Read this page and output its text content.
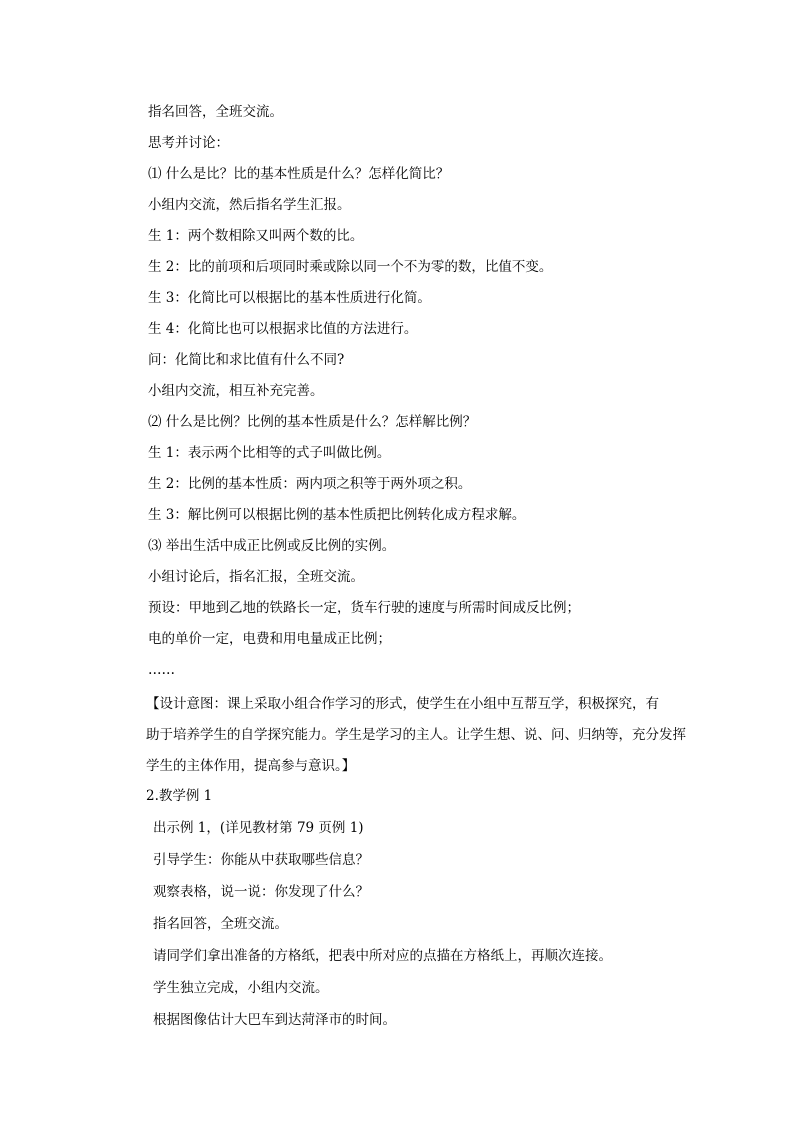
指名回答，全班交流。
思考并讨论：
⑴ 什么是比？比的基本性质是什么？怎样化简比？
小组内交流，然后指名学生汇报。
生 1：两个数相除又叫两个数的比。
生 2：比的前项和后项同时乘或除以同一个不为零的数，比值不变。
生 3：化简比可以根据比的基本性质进行化简。
生 4：化简比也可以根据求比值的方法进行。
问：化简比和求比值有什么不同?
小组内交流，相互补充完善。
⑵ 什么是比例？比例的基本性质是什么？怎样解比例？
生 1：表示两个比相等的式子叫做比例。
生 2：比例的基本性质：两内项之积等于两外项之积。
生 3：解比例可以根据比例的基本性质把比例转化成方程求解。
⑶ 举出生活中成正比例或反比例的实例。
小组讨论后，指名汇报，全班交流。
预设：甲地到乙地的铁路长一定，货车行驶的速度与所需时间成反比例；
电的单价一定，电费和用电量成正比例；
……
【设计意图：课上采取小组合作学习的形式，使学生在小组中互帮互学，积极探究，有
助于培养学生的自学探究能力。学生是学习的主人。让学生想、说、问、归纳等，充分发挥
学生的主体作用，提高参与意识。】
2.教学例 1
出示例 1，(详见教材第 79 页例 1)
引导学生：你能从中获取哪些信息？
观察表格，说一说：你发现了什么？
指名回答，全班交流。
请同学们拿出准备的方格纸，把表中所对应的点描在方格纸上，再顺次连接。
学生独立完成，小组内交流。
根据图像估计大巴车到达菏泽市的时间。
